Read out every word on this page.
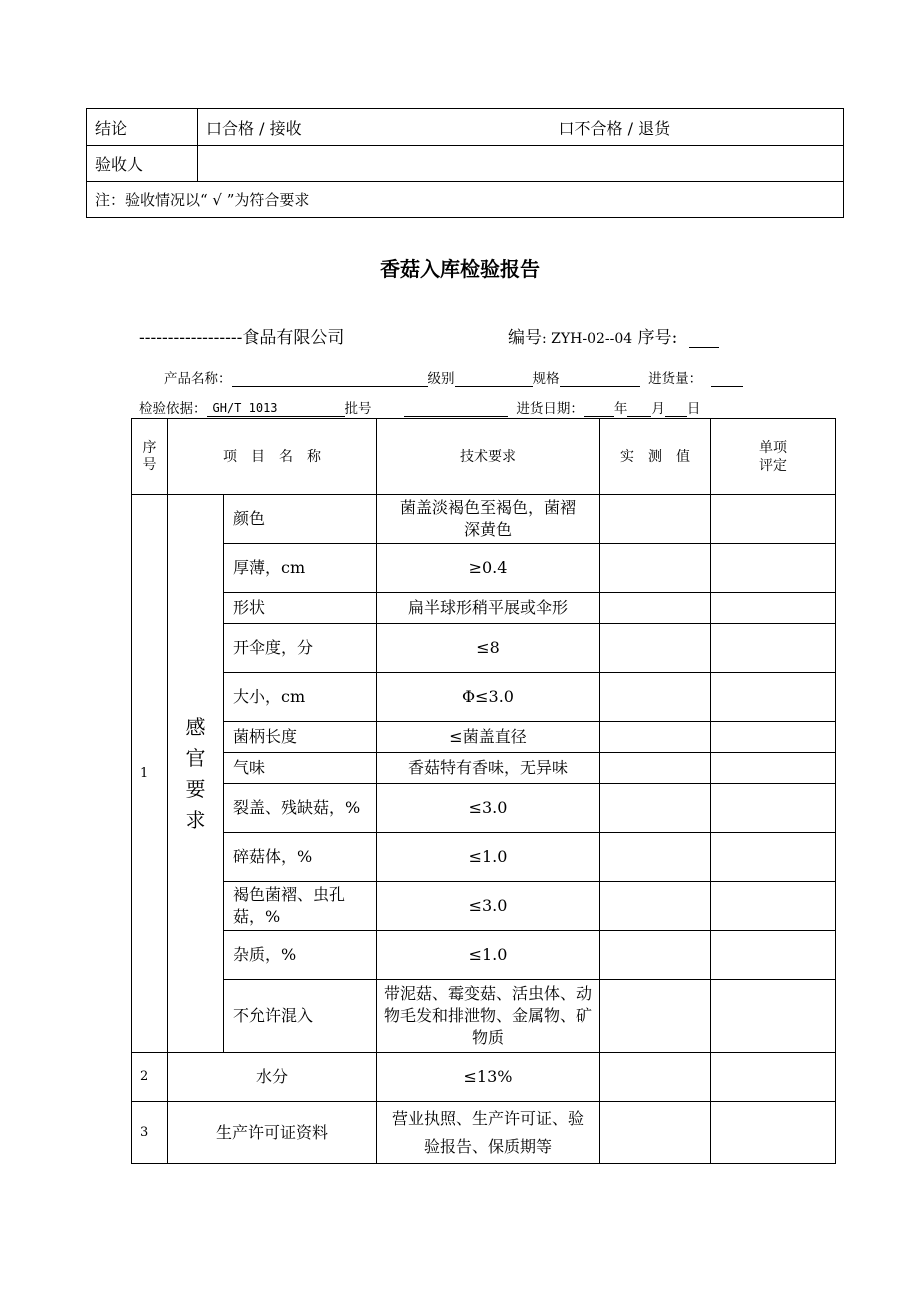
结论	口合格 / 接收 口不合格 / 退货

验收人	
注：验收情况以“ √ ”为符合要求	
香菇入库检验报告
------------------食品有限公司	编号: ZYH-02--04 序号:
产品名称：	级别	规格	进货量：
检验依据： GH/T 1013	批号	进货日期： 年 月 日
序号	项　目　名　称		技术要求	实　测　值	单项评定

1	感官要求	颜色	菌盖淡褐色至褐色，菌褶深黄色		

		厚薄，cm	≥0.4		
		形状	扁半球形稍平展或伞形		
		开伞度，分	≤8		
		大小，cm	Φ≤3.0		
		菌柄长度	≤菌盖直径		
		气味	香菇特有香味，无异味		
		裂盖、残缺菇，%	≤3.0		
		碎菇体，%	≤1.0		
		褐色菌褶、虫孔菇，%	≤3.0		
		杂质，%	≤1.0		
		不允许混入	带泥菇、霉变菇、活虫体、动物毛发和排泄物、金属物、矿物质		
2	水分		≤13%		
3	生产许可证资料		营业执照、生产许可证、验验报告、保质期等		
